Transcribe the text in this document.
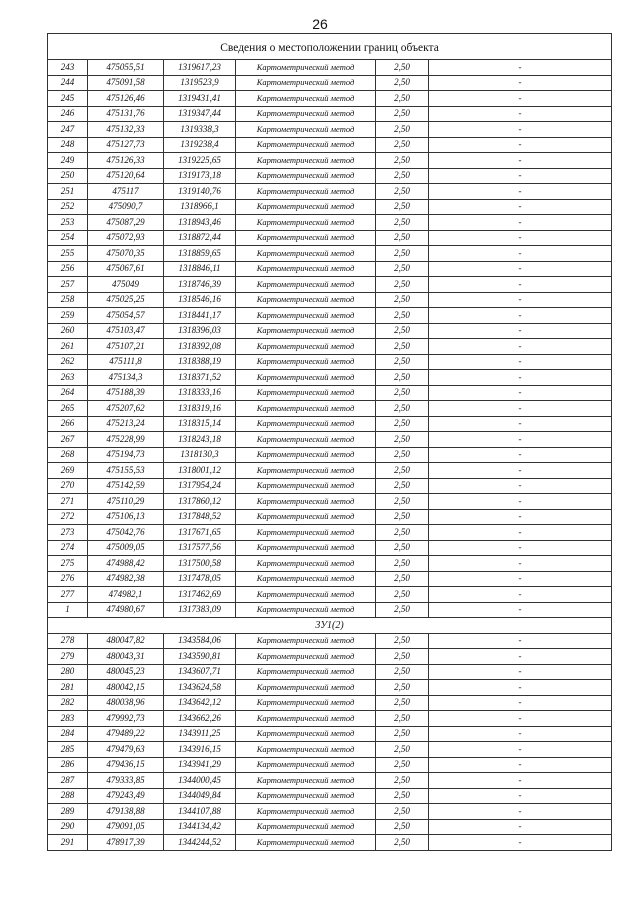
26

Сведения о местоположении границ объекта					
243	475055,51	1319617,23	Картометрический метод	2,50	-
244	475091,58	1319523,9	Картометрический метод	2,50	-
245	475126,46	1319431,41	Картометрический метод	2,50	-
246	475131,76	1319347,44	Картометрический метод	2,50	-
247	475132,33	1319338,3	Картометрический метод	2,50	-
248	475127,73	1319238,4	Картометрический метод	2,50	-
249	475126,33	1319225,65	Картометрический метод	2,50	-
250	475120,64	1319173,18	Картометрический метод	2,50	-
251	475117	1319140,76	Картометрический метод	2,50	-
252	475090,7	1318966,1	Картометрический метод	2,50	-
253	475087,29	1318943,46	Картометрический метод	2,50	-
254	475072,93	1318872,44	Картометрический метод	2,50	-
255	475070,35	1318859,65	Картометрический метод	2,50	-
256	475067,61	1318846,11	Картометрический метод	2,50	-
257	475049	1318746,39	Картометрический метод	2,50	-
258	475025,25	1318546,16	Картометрический метод	2,50	-
259	475054,57	1318441,17	Картометрический метод	2,50	-
260	475103,47	1318396,03	Картометрический метод	2,50	-
261	475107,21	1318392,08	Картометрический метод	2,50	-
262	475111,8	1318388,19	Картометрический метод	2,50	-
263	475134,3	1318371,52	Картометрический метод	2,50	-
264	475188,39	1318333,16	Картометрический метод	2,50	-
265	475207,62	1318319,16	Картометрический метод	2,50	-
266	475213,24	1318315,14	Картометрический метод	2,50	-
267	475228,99	1318243,18	Картометрический метод	2,50	-
268	475194,73	1318130,3	Картометрический метод	2,50	-
269	475155,53	1318001,12	Картометрический метод	2,50	-
270	475142,59	1317954,24	Картометрический метод	2,50	-
271	475110,29	1317860,12	Картометрический метод	2,50	-
272	475106,13	1317848,52	Картометрический метод	2,50	-
273	475042,76	1317671,65	Картометрический метод	2,50	-
274	475009,05	1317577,56	Картометрический метод	2,50	-
275	474988,42	1317500,58	Картометрический метод	2,50	-
276	474982,38	1317478,05	Картометрический метод	2,50	-
277	474982,1	1317462,69	Картометрический метод	2,50	-
1	474980,67	1317383,09	Картометрический метод	2,50	-
3У1(2)					
278	480047,82	1343584,06	Картометрический метод	2,50	-
279	480043,31	1343590,81	Картометрический метод	2,50	-
280	480045,23	1343607,71	Картометрический метод	2,50	-
281	480042,15	1343624,58	Картометрический метод	2,50	-
282	480038,96	1343642,12	Картометрический метод	2,50	-
283	479992,73	1343662,26	Картометрический метод	2,50	-
284	479489,22	1343911,25	Картометрический метод	2,50	-
285	479479,63	1343916,15	Картометрический метод	2,50	-
286	479436,15	1343941,29	Картометрический метод	2,50	-
287	479333,85	1344000,45	Картометрический метод	2,50	-
288	479243,49	1344049,84	Картометрический метод	2,50	-
289	479138,88	1344107,88	Картометрический метод	2,50	-
290	479091,05	1344134,42	Картометрический метод	2,50	-
291	478917,39	1344244,52	Картометрический метод	2,50	-
